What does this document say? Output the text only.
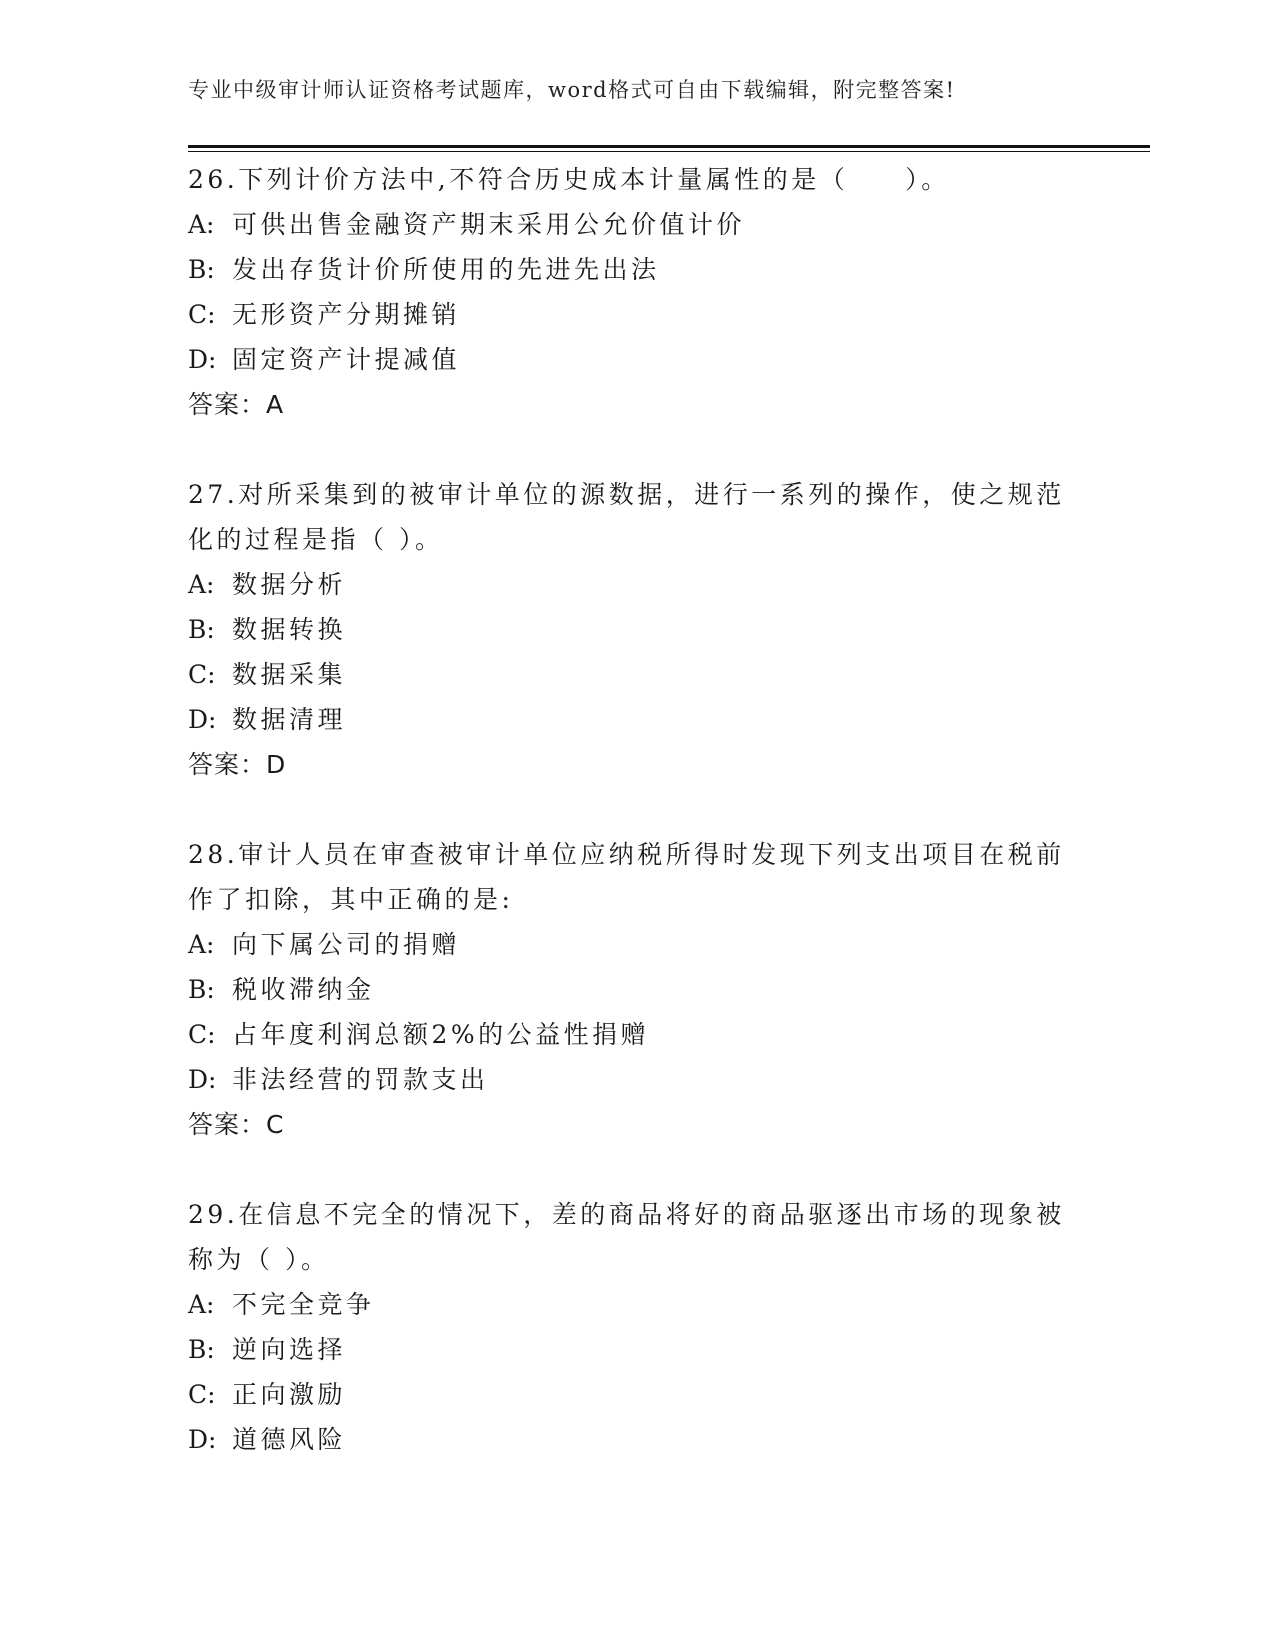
专业中级审计师认证资格考试题库，word格式可自由下载编辑，附完整答案!

26.下列计价方法中,不符合历史成本计量属性的是（　　）。

A: 可供出售金融资产期末采用公允价值计价

B: 发出存货计价所使用的先进先出法

C: 无形资产分期摊销

D: 固定资产计提减值

答案：A

27.对所采集到的被审计单位的源数据，进行一系列的操作，使之规范化的过程是指（ ）。

A: 数据分析

B: 数据转换

C: 数据采集

D: 数据清理

答案：D

28.审计人员在审查被审计单位应纳税所得时发现下列支出项目在税前作了扣除，其中正确的是:

A: 向下属公司的捐赠

B: 税收滞纳金

C: 占年度利润总额2%的公益性捐赠

D: 非法经营的罚款支出

答案：C

29.在信息不完全的情况下，差的商品将好的商品驱逐出市场的现象被称为（ ）。

A: 不完全竞争

B: 逆向选择

C: 正向激励

D: 道德风险
